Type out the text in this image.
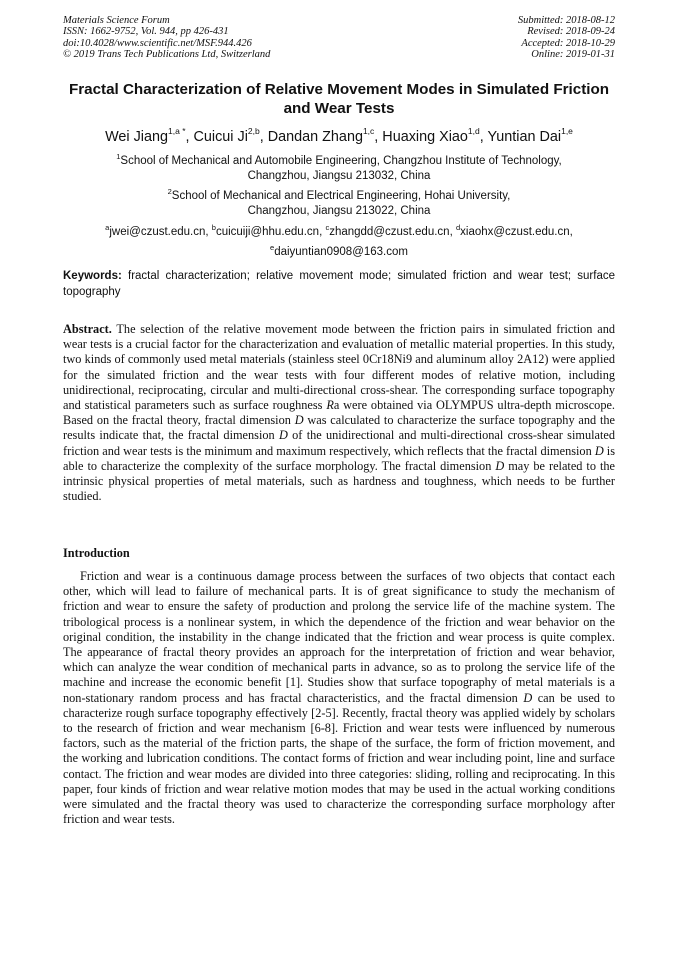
Materials Science Forum
ISSN: 1662-9752, Vol. 944, pp 426-431
doi:10.4028/www.scientific.net/MSF.944.426
© 2019 Trans Tech Publications Ltd, Switzerland
Submitted: 2018-08-12
Revised: 2018-09-24
Accepted: 2018-10-29
Online: 2019-01-31
Fractal Characterization of Relative Movement Modes in Simulated Friction and Wear Tests
Wei Jiang$^{1,a *}$, Cuicui Ji$^{2,b}$, Dandan Zhang$^{1,c}$, Huaxing Xiao$^{1,d}$, Yuntian Dai$^{1,e}$
$^1$School of Mechanical and Automobile Engineering, Changzhou Institute of Technology,
Changzhou, Jiangsu 213032, China
$^2$School of Mechanical and Electrical Engineering, Hohai University,
Changzhou, Jiangsu 213022, China
$^a$jwei@czust.edu.cn, $^b$cuicuiji@hhu.edu.cn, $^c$zhangdd@czust.edu.cn, $^d$xiaohx@czust.edu.cn,
$^e$daiyuntian0908@163.com
Keywords: fractal characterization; relative movement mode; simulated friction and wear test; surface topography
Abstract. The selection of the relative movement mode between the friction pairs in simulated friction and wear tests is a crucial factor for the characterization and evaluation of metallic material properties. In this study, two kinds of commonly used metal materials (stainless steel 0Cr18Ni9 and aluminum alloy 2A12) were applied for the simulated friction and the wear tests with four different modes of relative motion, including unidirectional, reciprocating, circular and multi-directional cross-shear. The corresponding surface topography and statistical parameters such as surface roughness Ra were obtained via OLYMPUS ultra-depth microscope. Based on the fractal theory, fractal dimension D was calculated to characterize the surface topography and the results indicate that, the fractal dimension D of the unidirectional and multi-directional cross-shear simulated friction and wear tests is the minimum and maximum respectively, which reflects that the fractal dimension D is able to characterize the complexity of the surface morphology. The fractal dimension D may be related to the intrinsic physical properties of metal materials, such as hardness and toughness, which needs to be further studied.
Introduction
Friction and wear is a continuous damage process between the surfaces of two objects that contact each other, which will lead to failure of mechanical parts. It is of great significance to study the mechanism of friction and wear to ensure the safety of production and prolong the service life of the machine system. The tribological process is a nonlinear system, in which the dependence of the friction and wear behavior on the original condition, the instability in the change indicated that the friction and wear process is quite complex. The appearance of fractal theory provides an approach for the interpretation of friction and wear behavior, which can analyze the wear condition of mechanical parts in advance, so as to prolong the service life of the machine and increase the economic benefit [1]. Studies show that surface topography of metal materials is a non-stationary random process and has fractal characteristics, and the fractal dimension D can be used to characterize rough surface topography effectively [2-5]. Recently, fractal theory was applied widely by scholars to the research of friction and wear mechanism [6-8]. Friction and wear tests were influenced by numerous factors, such as the material of the friction parts, the shape of the surface, the form of friction movement, and the working and lubrication conditions. The contact forms of friction and wear including point, line and surface contact. The friction and wear modes are divided into three categories: sliding, rolling and reciprocating. In this paper, four kinds of friction and wear relative motion modes that may be used in the actual working conditions were simulated and the fractal theory was used to characterize the corresponding surface morphology after friction and wear tests.
